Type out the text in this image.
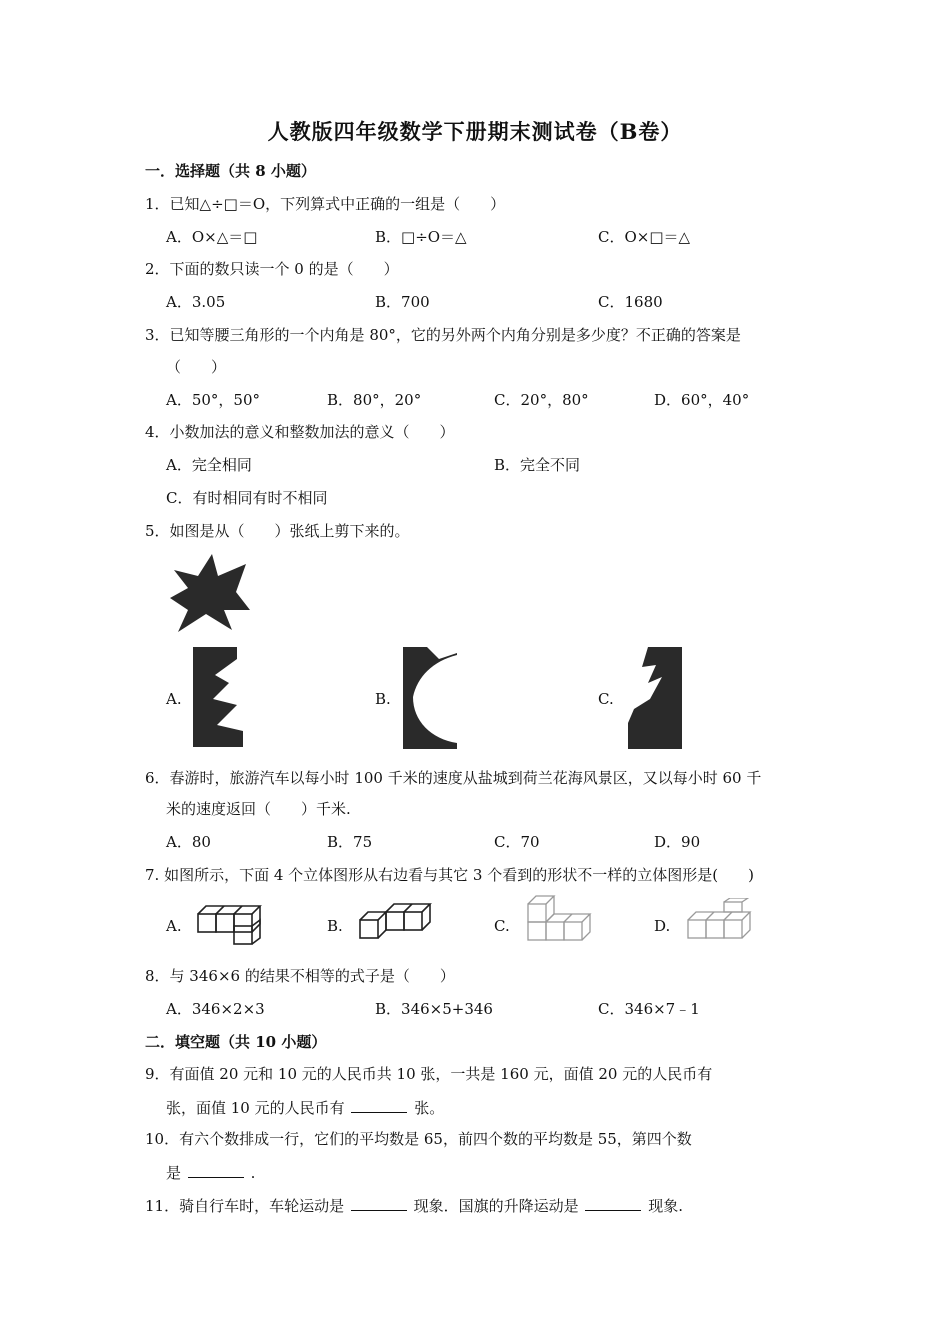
人教版四年级数学下册期末测试卷（B卷）
一．选择题（共 8 小题）
1．已知△÷□＝O，下列算式中正确的一组是（　　）
A．O×△＝□	B．□÷O＝△	C．O×□＝△
2．下面的数只读一个 0 的是（　　）
A．3.05	B．700	C．1680
3．已知等腰三角形的一个内角是 80°，它的另外两个内角分别是多少度？不正确的答案是
（　　）
A．50°，50°	B．80°，20°	C．20°，80°	D．60°，40°
4．小数加法的意义和整数加法的意义（　　）
A．完全相同	B．完全不同
C．有时相同有时不相同
5．如图是从（　　）张纸上剪下来的。
A.	B.	C.
6．春游时，旅游汽车以每小时 100 千米的速度从盐城到荷兰花海风景区，又以每小时 60 千
米的速度返回（　　）千米.
A．80	B．75	C．70	D．90
7. 如图所示，下面 4 个立体图形从右边看与其它 3 个看到的形状不一样的立体图形是(　　)
A.	B.	C.	D.
8．与 346×6 的结果不相等的式子是（　　）
A．346×2×3	B．346×5+346	C．346×7﹣1
二．填空题（共 10 小题）
9．有面值 20 元和 10 元的人民币共 10 张，一共是 160 元，面值 20 元的人民币有
张，面值 10 元的人民币有	张。
10．有六个数排成一行，它们的平均数是 65，前四个数的平均数是 55，第四个数
是	.
11．骑自行车时，车轮运动是	现象．国旗的升降运动是	现象.
